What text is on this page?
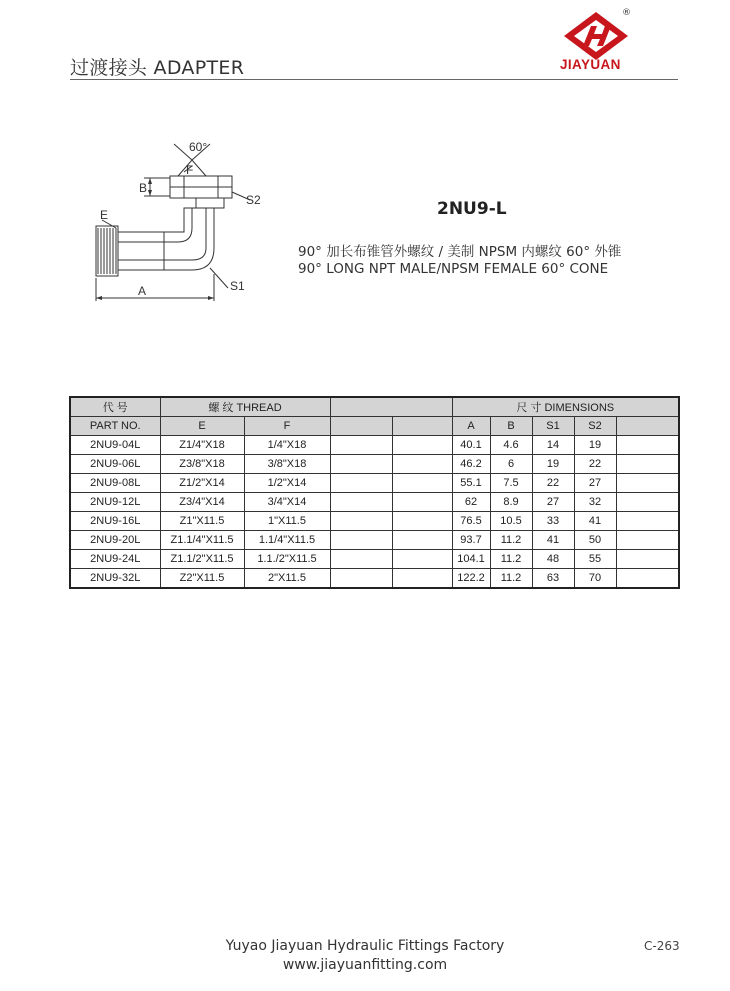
过渡接头 ADAPTER
®
JIAYUAN
60°
F
B
S2
E
A	S1
2NU9-L
90° 加长布锥管外螺纹 / 美制 NPSM 内螺纹 60° 外锥
90° LONG NPT MALE/NPSM FEMALE 60° CONE
代 号	螺 纹 THREAD				尺 寸 DIMENSIONS				
PART NO.	E	F			A	B	S1	S2	
2NU9-04L	Z1/4"X18	1/4"X18			40.1	4.6	14	19	
2NU9-06L	Z3/8"X18	3/8"X18			46.2	6	19	22	
2NU9-08L	Z1/2"X14	1/2"X14			55.1	7.5	22	27	
2NU9-12L	Z3/4"X14	3/4"X14			62	8.9	27	32	
2NU9-16L	Z1"X11.5	1"X11.5			76.5	10.5	33	41	
2NU9-20L	Z1.1/4"X11.5	1.1/4"X11.5			93.7	11.2	41	50	
2NU9-24L	Z1.1/2"X11.5	1.1./2"X11.5			104.1	11.2	48	55	
2NU9-32L	Z2"X11.5	2"X11.5			122.2	11.2	63	70	
Yuyao Jiayuan Hydraulic Fittings Factory
www.jiayuanfitting.com
C-263
